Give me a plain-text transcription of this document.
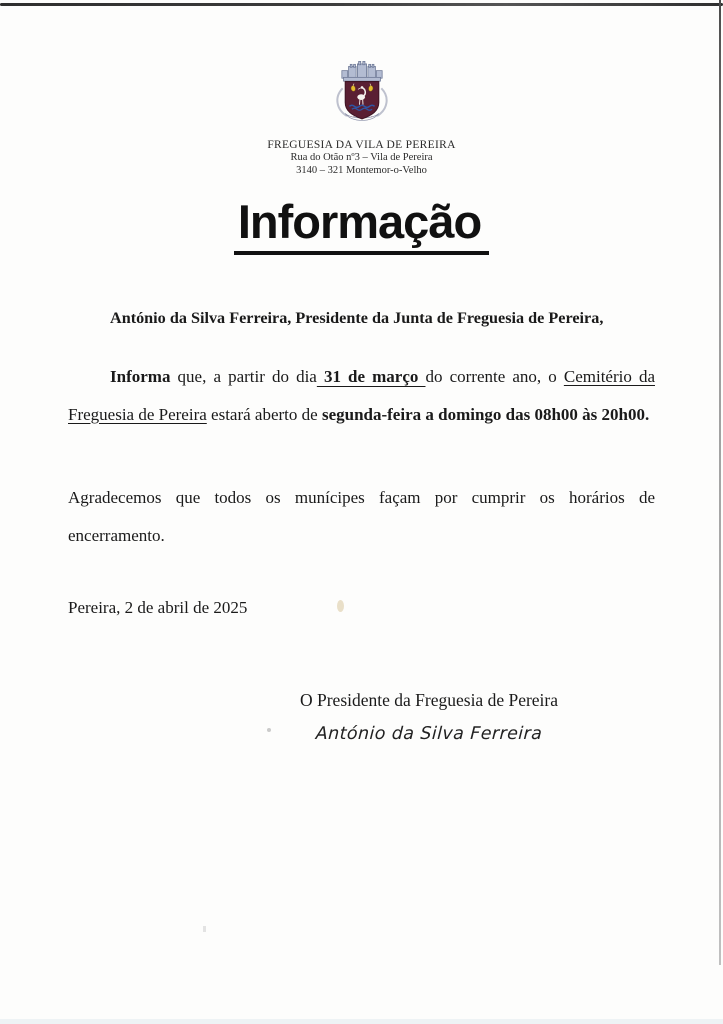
FREGUESIA DA VILA DE PEREIRA
Rua do Otão nº3 – Vila de Pereira
3140 – 321 Montemor-o-Velho
Informação

António da Silva Ferreira, Presidente da Junta de Freguesia de Pereira,

Informa que, a partir do dia 31 de março do corrente ano, o Cemitério da Freguesia de Pereira estará aberto de segunda-feira a domingo das 08h00 às 20h00.

Agradecemos que todos os munícipes façam por cumprir os horários de encerramento.

Pereira, 2 de abril de 2025

O Presidente da Freguesia de Pereira
António da Silva Ferreira
